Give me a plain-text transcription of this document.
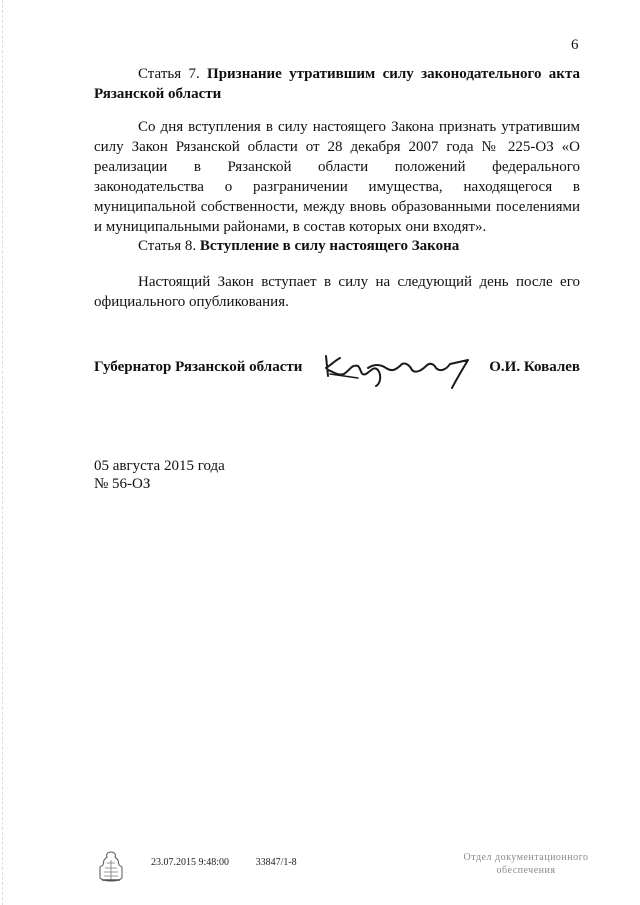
6
Статья 7. Признание утратившим силу законодательного акта
Рязанской области
Со дня вступления в силу настоящего Закона признать утратившим
силу Закон Рязанской области от 28 декабря 2007 года № 225-ОЗ «О
реализации в Рязанской области положений федерального
законодательства о разграничении имущества, находящегося в
муниципальной собственности, между вновь образованными поселениями
и муниципальными районами, в состав которых они входят».
Статья 8. Вступление в силу настоящего Закона
Настоящий Закон вступает в силу на следующий день после его
официального опубликования.
Губернатор Рязанской области	О.И. Ковалев
05 августа 2015 года
№ 56-ОЗ
23.07.2015 9:48:00	33847/1-8	Отдел документационного
обеспечения
